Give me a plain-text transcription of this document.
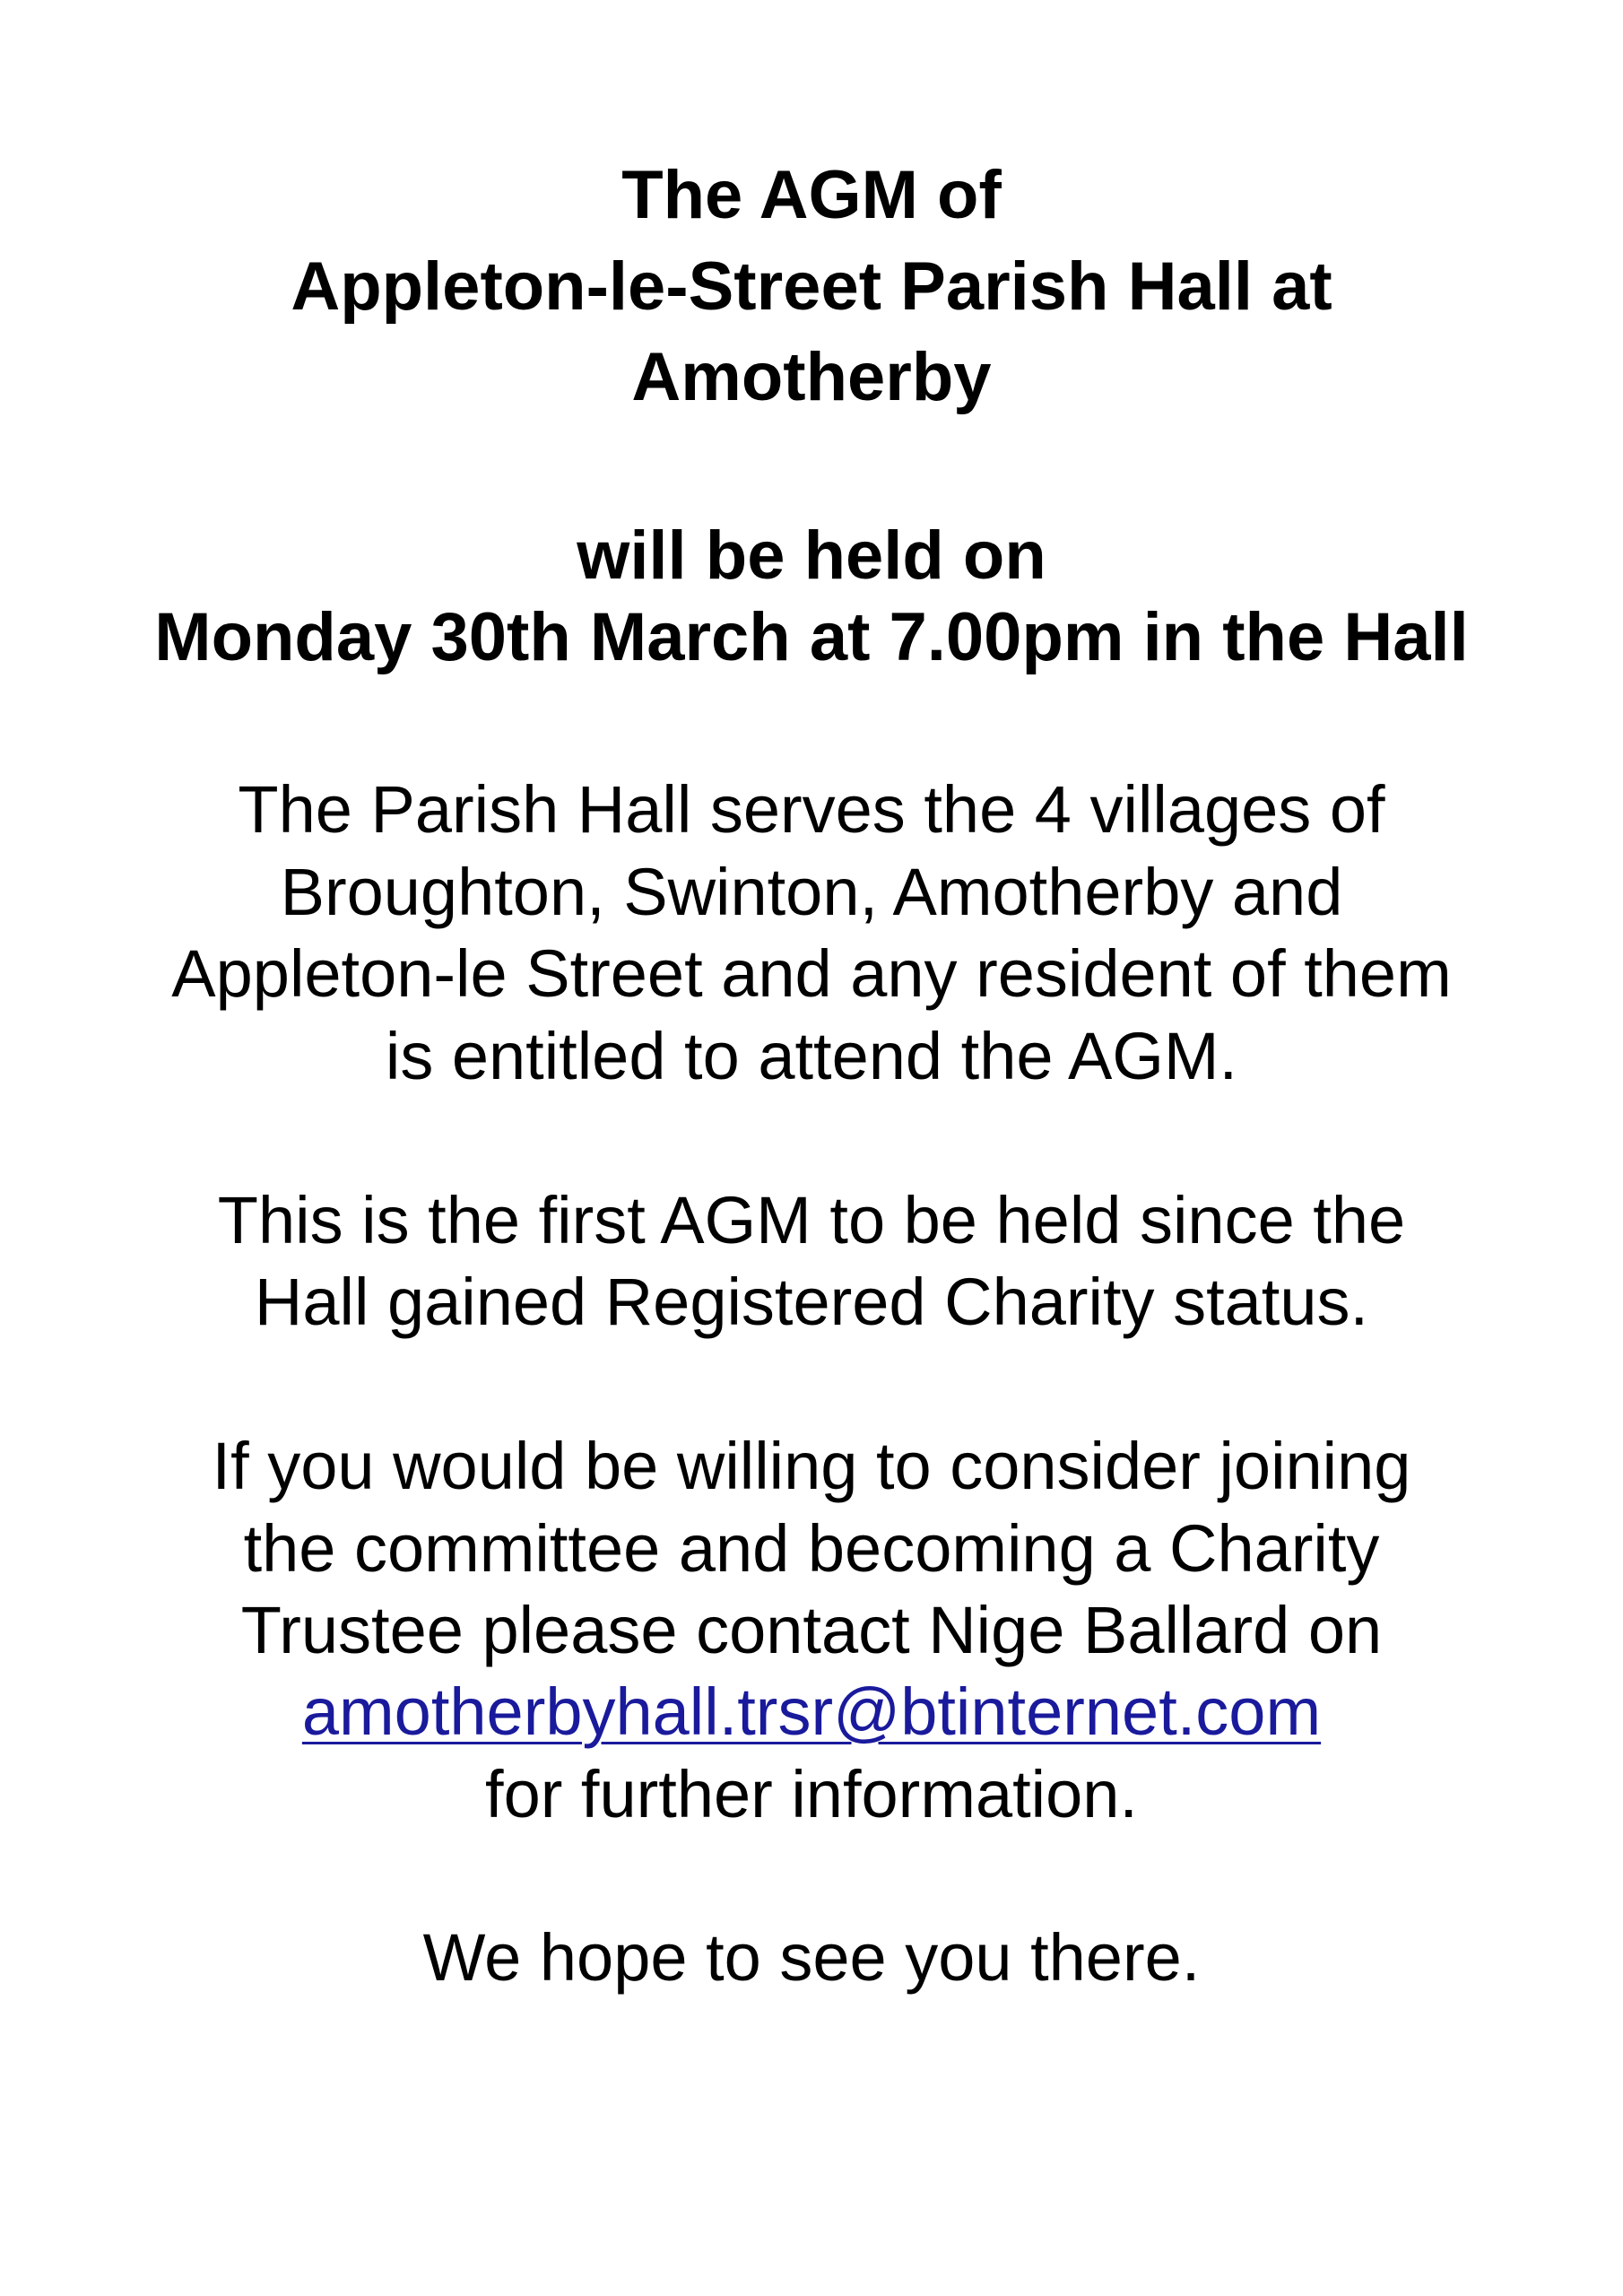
The AGM of

Appleton-le-Street Parish Hall at

Amotherby

will be held on

Monday 30th March at 7.00pm in the Hall

The Parish Hall serves the 4 villages of

Broughton, Swinton, Amotherby and

Appleton-le Street and any resident of them

is entitled to attend the AGM.

This is the first AGM to be held since the

Hall gained Registered Charity status.

If you would be willing to consider joining

the committee and becoming a Charity

Trustee please contact Nige Ballard on

amotherbyhall.trsr@btinternet.com

for further information.

We hope to see you there.
